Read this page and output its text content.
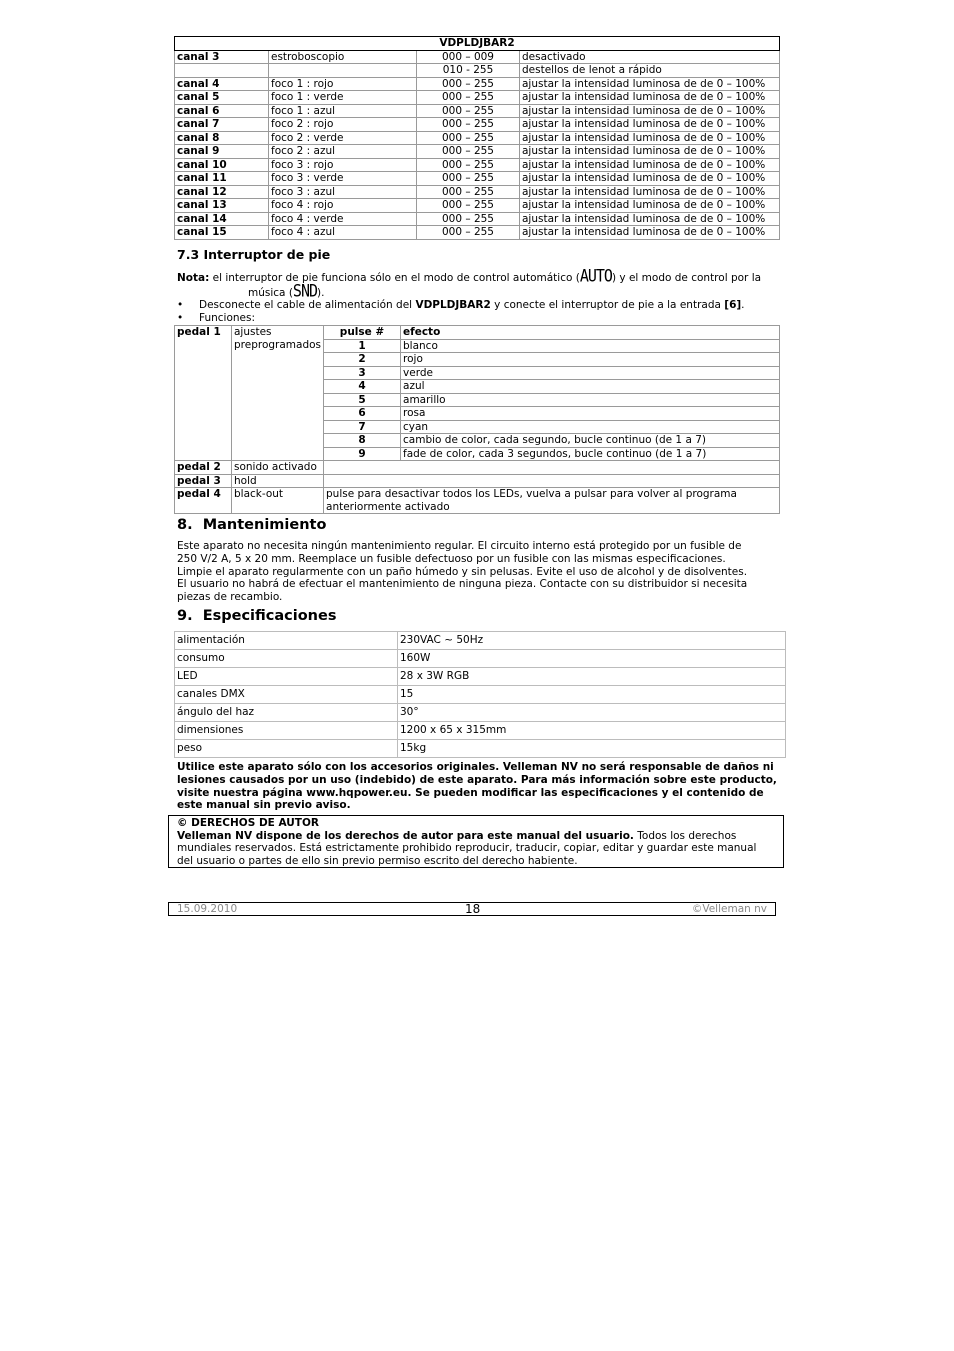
VDPLDJBAR2			
canal 3	estroboscopio	000 – 009	desactivado
		010 - 255	destellos de lenot a rápido
canal 4	foco 1 : rojo	000 – 255	ajustar la intensidad luminosa de de 0 – 100%
canal 5	foco 1 : verde	000 – 255	ajustar la intensidad luminosa de de 0 – 100%
canal 6	foco 1 : azul	000 – 255	ajustar la intensidad luminosa de de 0 – 100%
canal 7	foco 2 : rojo	000 – 255	ajustar la intensidad luminosa de de 0 – 100%
canal 8	foco 2 : verde	000 – 255	ajustar la intensidad luminosa de de 0 – 100%
canal 9	foco 2 : azul	000 – 255	ajustar la intensidad luminosa de de 0 – 100%
canal 10	foco 3 : rojo	000 – 255	ajustar la intensidad luminosa de de 0 – 100%
canal 11	foco 3 : verde	000 – 255	ajustar la intensidad luminosa de de 0 – 100%
canal 12	foco 3 : azul	000 – 255	ajustar la intensidad luminosa de de 0 – 100%
canal 13	foco 4 : rojo	000 – 255	ajustar la intensidad luminosa de de 0 – 100%
canal 14	foco 4 : verde	000 – 255	ajustar la intensidad luminosa de de 0 – 100%
canal 15	foco 4 : azul	000 – 255	ajustar la intensidad luminosa de de 0 – 100%
7.3 Interruptor de pie
Nota: el interruptor de pie funciona sólo en el modo de control automático (AUTO) y el modo de control por la
música (SND).
• Desconecte el cable de alimentación del VDPLDJBAR2 y conecte el interruptor de pie a la entrada [6].
• Funciones:
pedal 1	ajustes preprogramados	pulse #	efecto
		1	blanco
		2	rojo
		3	verde
		4	azul
		5	amarillo
		6	rosa
		7	cyan
		8	cambio de color, cada segundo, bucle continuo (de 1 a 7)
		9	fade de color, cada 3 segundos, bucle continuo (de 1 a 7)
pedal 2	sonido activado		
pedal 3	hold		
pedal 4	black-out	pulse para desactivar todos los LEDs, vuelva a pulsar para volver al programa anteriormente activado	
8.  Mantenimiento
Este aparato no necesita ningún mantenimiento regular. El circuito interno está protegido por un fusible de
250 V/2 A, 5 x 20 mm. Reemplace un fusible defectuoso por un fusible con las mismas especificaciones.
Limpie el aparato regularmente con un paño húmedo y sin pelusas. Evite el uso de alcohol y de disolventes.
El usuario no habrá de efectuar el mantenimiento de ninguna pieza. Contacte con su distribuidor si necesita
piezas de recambio.
9.  Especificaciones
alimentación	230VAC ~ 50Hz
consumo	160W
LED	28 x 3W RGB
canales DMX	15
ángulo del haz	30°
dimensiones	1200 x 65 x 315mm
peso	15kg
Utilice este aparato sólo con los accesorios originales. Velleman NV no será responsable de daños ni
lesiones causados por un uso (indebido) de este aparato. Para más información sobre este producto,
visite nuestra página www.hqpower.eu. Se pueden modificar las especificaciones y el contenido de
este manual sin previo aviso.
© DERECHOS DE AUTOR
Velleman NV dispone de los derechos de autor para este manual del usuario. Todos los derechos
mundiales reservados. Está estrictamente prohibido reproducir, traducir, copiar, editar y guardar este manual
del usuario o partes de ello sin previo permiso escrito del derecho habiente.
15.09.2010	18	©Velleman nv
